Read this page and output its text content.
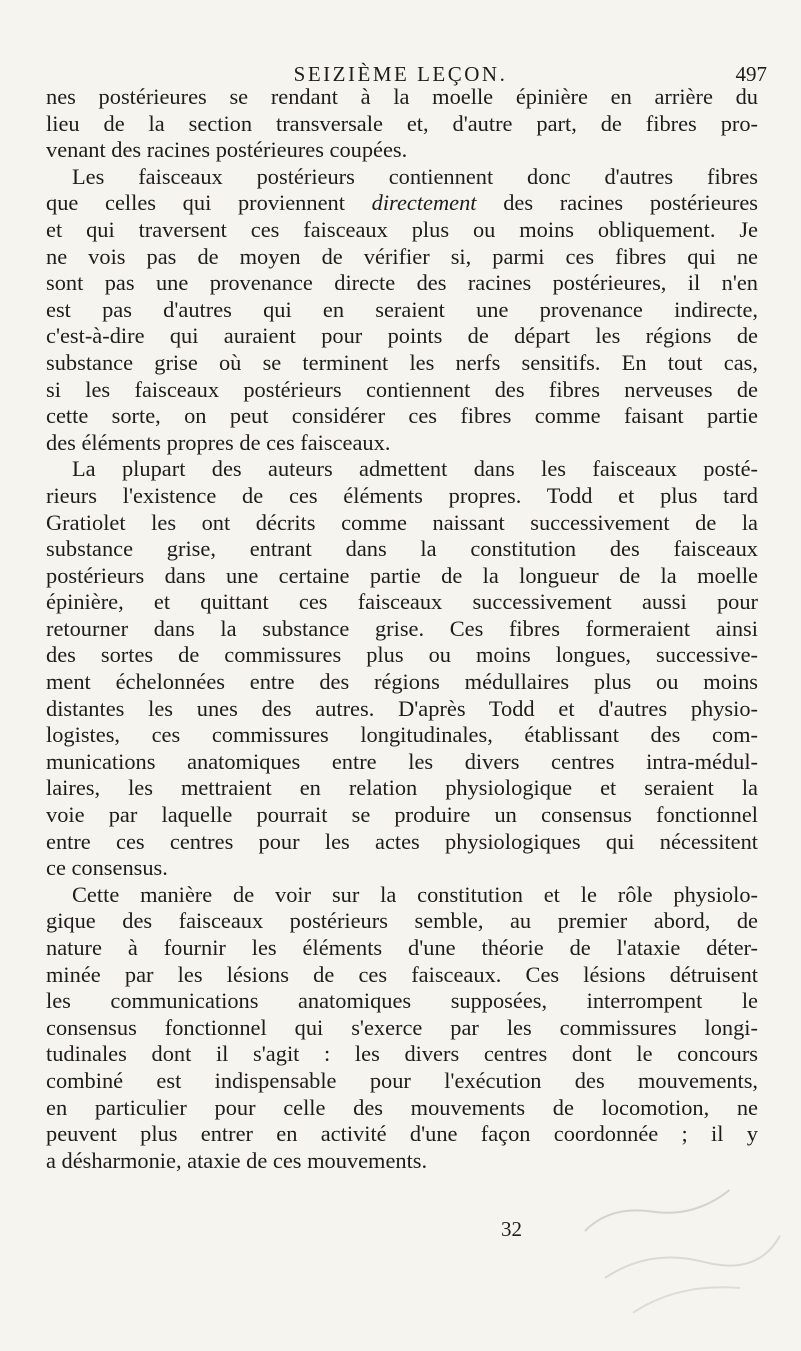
SEIZIÈME LEÇON.	497
nes postérieures se rendant à la moelle épinière en arrière du
lieu de la section transversale et, d'autre part, de fibres pro-
venant des racines postérieures coupées.
Les faisceaux postérieurs contiennent donc d'autres fibres
que celles qui proviennent directement des racines postérieures
et qui traversent ces faisceaux plus ou moins obliquement. Je
ne vois pas de moyen de vérifier si, parmi ces fibres qui ne
sont pas une provenance directe des racines postérieures, il n'en
est pas d'autres qui en seraient une provenance indirecte,
c'est-à-dire qui auraient pour points de départ les régions de
substance grise où se terminent les nerfs sensitifs. En tout cas,
si les faisceaux postérieurs contiennent des fibres nerveuses de
cette sorte, on peut considérer ces fibres comme faisant partie
des éléments propres de ces faisceaux.
La plupart des auteurs admettent dans les faisceaux posté-
rieurs l'existence de ces éléments propres. Todd et plus tard
Gratiolet les ont décrits comme naissant successivement de la
substance grise, entrant dans la constitution des faisceaux
postérieurs dans une certaine partie de la longueur de la moelle
épinière, et quittant ces faisceaux successivement aussi pour
retourner dans la substance grise. Ces fibres formeraient ainsi
des sortes de commissures plus ou moins longues, successive-
ment échelonnées entre des régions médullaires plus ou moins
distantes les unes des autres. D'après Todd et d'autres physio-
logistes, ces commissures longitudinales, établissant des com-
munications anatomiques entre les divers centres intra-médul-
laires, les mettraient en relation physiologique et seraient la
voie par laquelle pourrait se produire un consensus fonctionnel
entre ces centres pour les actes physiologiques qui nécessitent
ce consensus.
Cette manière de voir sur la constitution et le rôle physiolo-
gique des faisceaux postérieurs semble, au premier abord, de
nature à fournir les éléments d'une théorie de l'ataxie déter-
minée par les lésions de ces faisceaux. Ces lésions détruisent
les communications anatomiques supposées, interrompent le
consensus fonctionnel qui s'exerce par les commissures longi-
tudinales dont il s'agit : les divers centres dont le concours
combiné est indispensable pour l'exécution des mouvements,
en particulier pour celle des mouvements de locomotion, ne
peuvent plus entrer en activité d'une façon coordonnée ; il y
a désharmonie, ataxie de ces mouvements.
32
